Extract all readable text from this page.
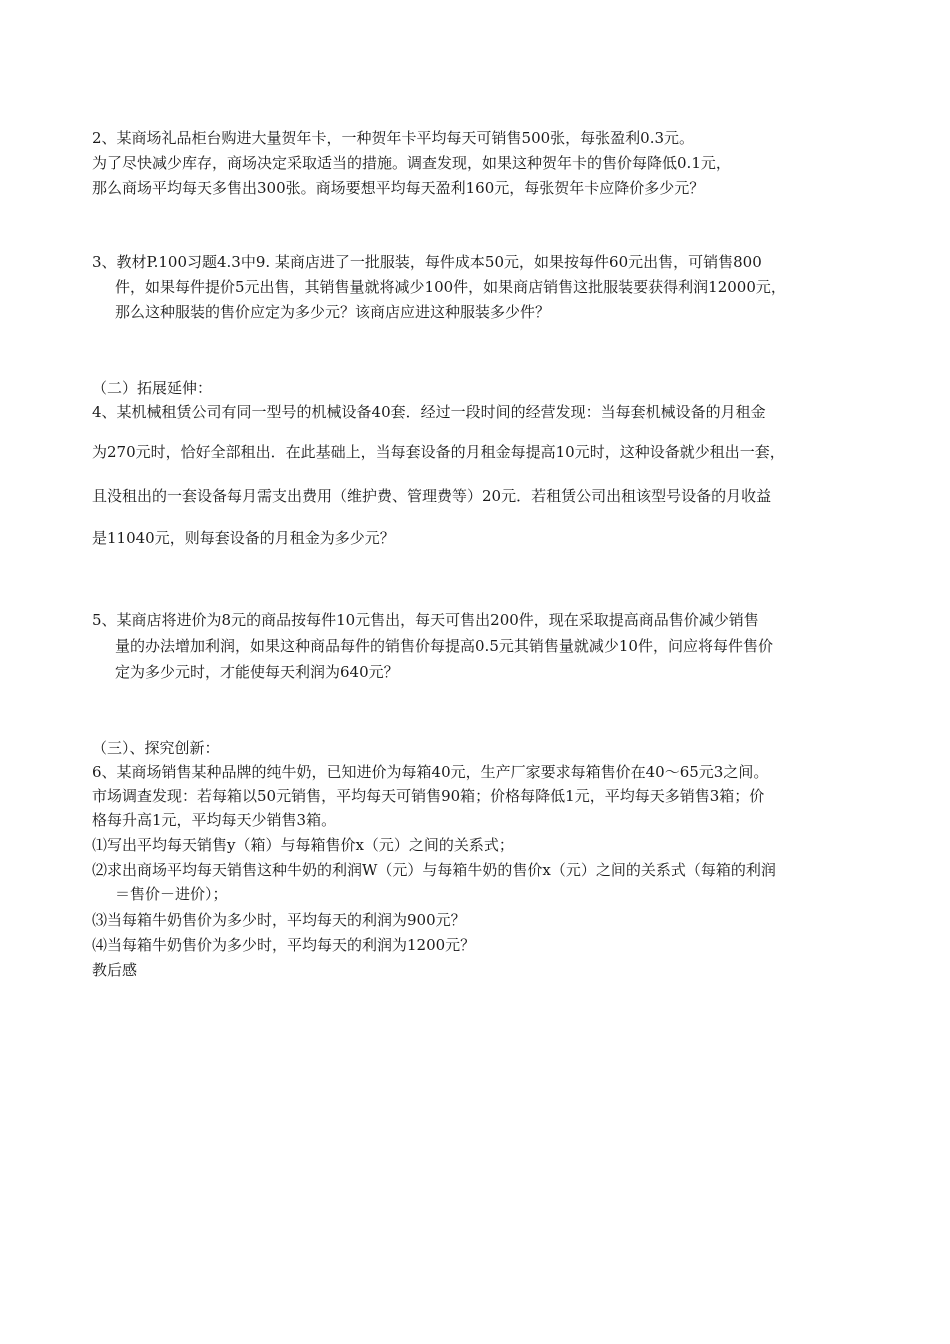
2、某商场礼品柜台购进大量贺年卡，一种贺年卡平均每天可销售500张，每张盈利0.3元。
为了尽快减少库存，商场决定采取适当的措施。调查发现，如果这种贺年卡的售价每降低0.1元，
那么商场平均每天多售出300张。商场要想平均每天盈利160元，每张贺年卡应降价多少元？
3、教材P.100习题4.3中9. 某商店进了一批服装，每件成本50元，如果按每件60元出售，可销售800
件，如果每件提价5元出售，其销售量就将减少100件，如果商店销售这批服装要获得利润12000元，
那么这种服装的售价应定为多少元？该商店应进这种服装多少件？
（二）拓展延伸：
4、某机械租赁公司有同一型号的机械设备40套．经过一段时间的经营发现：当每套机械设备的月租金
为270元时，恰好全部租出．在此基础上，当每套设备的月租金每提高10元时，这种设备就少租出一套，
且没租出的一套设备每月需支出费用（维护费、管理费等）20元．若租赁公司出租该型号设备的月收益
是11040元，则每套设备的月租金为多少元？
5、某商店将进价为8元的商品按每件10元售出，每天可售出200件，现在采取提高商品售价减少销售
量的办法增加利润，如果这种商品每件的销售价每提高0.5元其销售量就减少10件，问应将每件售价
定为多少元时，才能使每天利润为640元？
（三）、探究创新：
6、某商场销售某种品牌的纯牛奶，已知进价为每箱40元，生产厂家要求每箱售价在40～65元3之间。
市场调查发现：若每箱以50元销售，平均每天可销售90箱；价格每降低1元，平均每天多销售3箱；价
格每升高1元，平均每天少销售3箱。
⑴写出平均每天销售y（箱）与每箱售价x（元）之间的关系式；
⑵求出商场平均每天销售这种牛奶的利润W（元）与每箱牛奶的售价x（元）之间的关系式（每箱的利润
＝售价－进价）；
⑶当每箱牛奶售价为多少时，平均每天的利润为900元？
⑷当每箱牛奶售价为多少时，平均每天的利润为1200元？
教后感
